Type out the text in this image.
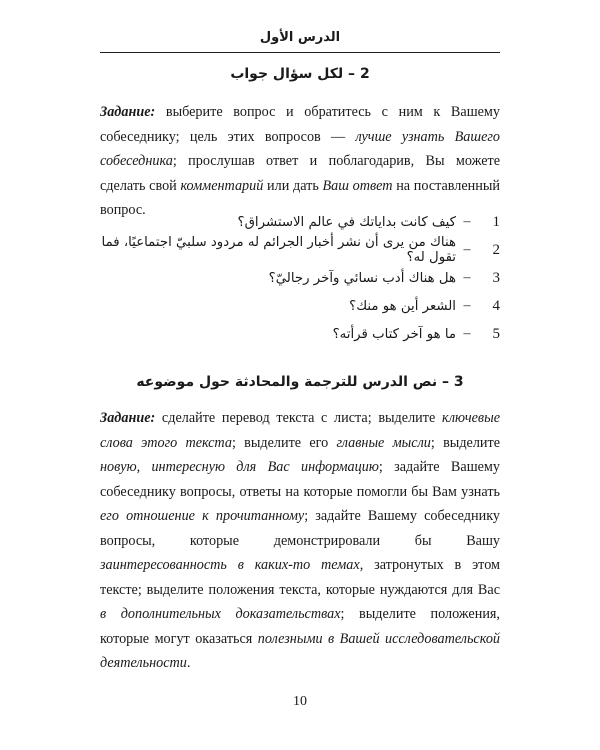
الدرس الأول
2 – لكل سؤال جواب

Задание: выберите вопрос и обратитесь с ним к Вашему собеседнику; цель этих вопросов — лучше узнать Вашего собеседника; прослушав ответ и поблагодарив, Вы можете сделать свой комментарий или дать Ваш ответ на поставленный вопрос.

1
–
كيف كانت بداياتك في عالم الاستشراق؟
2
–
هناك من يرى أن نشر أخبار الجرائم له مردود سلبيّ اجتماعيًا، فما تقول له؟
3
–
هل هناك أدب نسائي وآخر رجاليّ؟
4
–
الشعر أين هو منك؟
5
–
ما هو آخر كتاب قرأته؟
3 – نص الدرس للترجمة والمحادثة حول موضوعه

Задание: сделайте перевод текста с листа; выделите ключевые слова этого текста; выделите его главные мысли; выделите новую, интересную для Вас информацию; задайте Вашему собеседнику вопросы, ответы на которые помогли бы Вам узнать его отношение к прочитанному; задайте Вашему собеседнику вопросы, которые демонстрировали бы Вашу заинтересованность в каких-то темах, затронутых в этом тексте; выделите положения текста, которые нуждаются для Вас в дополнительных доказательствах; выделите положения, которые могут оказаться полезными в Вашей исследовательской деятельности.

10
